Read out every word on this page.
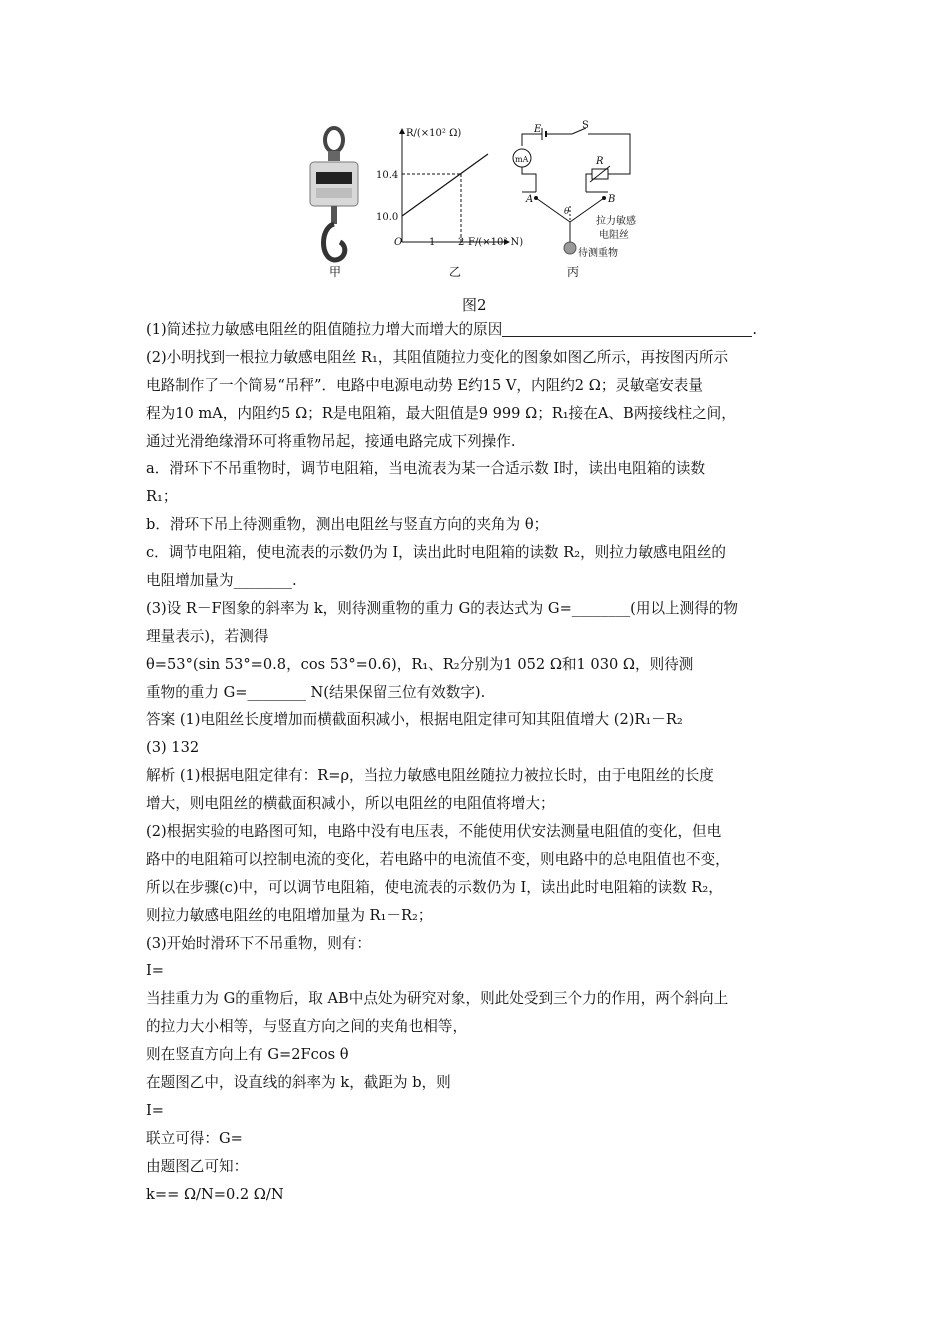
甲
R/(×10² Ω)
10.4
10.0
O	1 2 F/(×10² N)
乙
mA
E	S
R
A	B
θ
拉力敏感
电阻丝
待测重物
丙
图2
(1)简述拉力敏感电阻丝的阻值随拉力增大而增大的原因	.
(2)小明找到一根拉力敏感电阻丝 R₁，其阻值随拉力变化的图象如图乙所示，再按图丙所示
电路制作了一个简易“吊秤”．电路中电源电动势 E约15 V，内阻约2 Ω；灵敏毫安表量
程为10 mA，内阻约5 Ω；R是电阻箱，最大阻值是9 999 Ω；R₁接在A、B两接线柱之间，
通过光滑绝缘滑环可将重物吊起，接通电路完成下列操作.
a．滑环下不吊重物时，调节电阻箱，当电流表为某一合适示数 I时，读出电阻箱的读数
R₁；
b．滑环下吊上待测重物，测出电阻丝与竖直方向的夹角为 θ；
c．调节电阻箱，使电流表的示数仍为 I，读出此时电阻箱的读数 R₂，则拉力敏感电阻丝的
电阻增加量为________.
(3)设 R－F图象的斜率为 k，则待测重物的重力 G的表达式为 G=________(用以上测得的物
理量表示)，若测得
θ=53°(sin 53°=0.8，cos 53°=0.6)，R₁、R₂分别为1 052 Ω和1 030 Ω，则待测
重物的重力 G=________ N(结果保留三位有效数字).
答案 (1)电阻丝长度增加而横截面积减小，根据电阻定律可知其阻值增大 (2)R₁－R₂
(3) 132
解析 (1)根据电阻定律有：R=ρ，当拉力敏感电阻丝随拉力被拉长时，由于电阻丝的长度
增大，则电阻丝的横截面积减小，所以电阻丝的电阻值将增大；
(2)根据实验的电路图可知，电路中没有电压表，不能使用伏安法测量电阻值的变化，但电
路中的电阻箱可以控制电流的变化，若电路中的电流值不变，则电路中的总电阻值也不变，
所以在步骤(c)中，可以调节电阻箱，使电流表的示数仍为 I，读出此时电阻箱的读数 R₂，
则拉力敏感电阻丝的电阻增加量为 R₁－R₂；
(3)开始时滑环下不吊重物，则有：
I=
当挂重力为 G的重物后，取 AB中点处为研究对象，则此处受到三个力的作用，两个斜向上
的拉力大小相等，与竖直方向之间的夹角也相等，
则在竖直方向上有 G=2Fcos θ
在题图乙中，设直线的斜率为 k，截距为 b，则
I=
联立可得：G=
由题图乙可知：
k== Ω/N=0.2 Ω/N
